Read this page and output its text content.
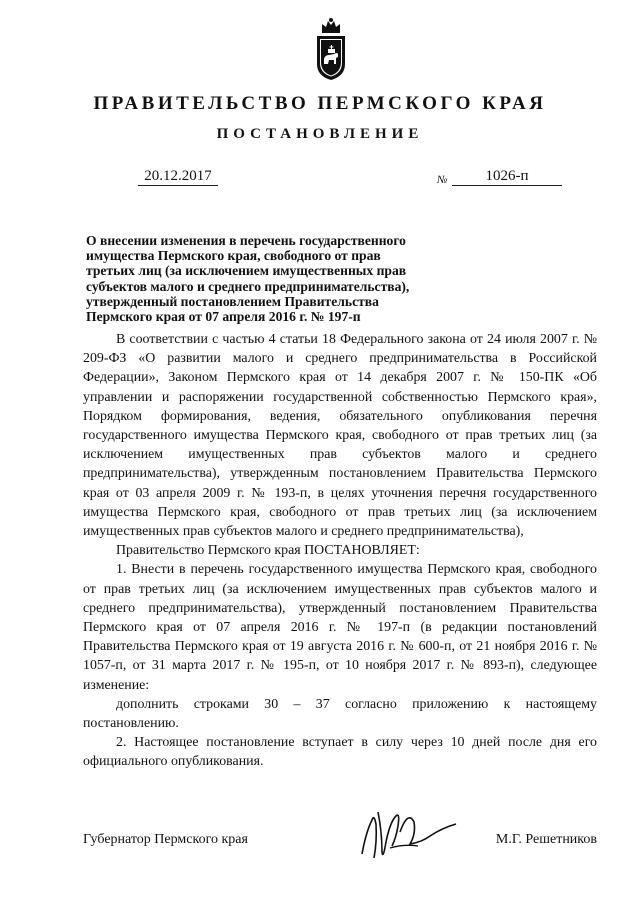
ПРАВИТЕЛЬСТВО ПЕРМСКОГО КРАЯ
ПОСТАНОВЛЕНИЕ
20.12.2017	№	1026-п
О внесении изменения в перечень государственного
имущества Пермского края, свободного от прав
третьих лиц (за исключением имущественных прав
субъектов малого и среднего предпринимательства),
утвержденный постановлением Правительства
Пермского края от 07 апреля 2016 г. № 197-п

В соответствии с частью 4 статьи 18 Федерального закона от 24 июля 2007 г. № 209-ФЗ «О развитии малого и среднего предпринимательства в Российской Федерации», Законом Пермского края от 14 декабря 2007 г. № 150-ПК «Об управлении и распоряжении государственной собственностью Пермского края», Порядком формирования, ведения, обязательного опубликования перечня государственного имущества Пермского края, свободного от прав третьих лиц (за исключением имущественных прав субъектов малого и среднего предпринимательства), утвержденным постановлением Правительства Пермского края от 03 апреля 2009 г. № 193-п, в целях уточнения перечня государственного имущества Пермского края, свободного от прав третьих лиц (за исключением имущественных прав субъектов малого и среднего предпринимательства),

Правительство Пермского края ПОСТАНОВЛЯЕТ:

1. Внести в перечень государственного имущества Пермского края, свободного от прав третьих лиц (за исключением имущественных прав субъектов малого и среднего предпринимательства), утвержденный постановлением Правительства Пермского края от 07 апреля 2016 г. № 197-п (в редакции постановлений Правительства Пермского края от 19 августа 2016 г. № 600-п, от 21 ноября 2016 г. № 1057-п, от 31 марта 2017 г. № 195-п, от 10 ноября 2017 г. № 893-п), следующее изменение:

дополнить строками 30 – 37 согласно приложению к настоящему постановлению.

2. Настоящее постановление вступает в силу через 10 дней после дня его официального опубликования.

Губернатор Пермского края	М.Г. Решетников
